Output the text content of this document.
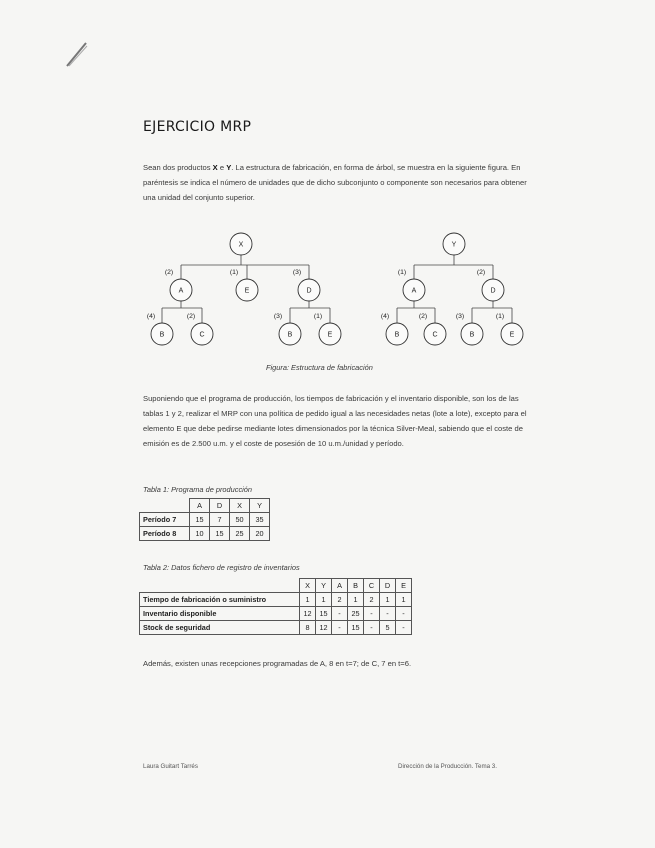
EJERCICIO MRP
Sean dos productos X e Y. La estructura de fabricación, en forma de árbol, se muestra en la siguiente figura. En paréntesis se indica el número de unidades que de dicho subconjunto o componente son necesarios para obtener una unidad del conjunto superior.
X
A	E	D
B	C	B	E
Y
A	D
B	C	B	E
(2)	(1)	(3)
(4)	(2)	(3)	(1)
(1)	(2)
(4)	(2)	(3)	(1)
Figura: Estructura de fabricación
Suponiendo que el programa de producción, los tiempos de fabricación y el inventario disponible, son los de las tablas 1 y 2, realizar el MRP con una política de pedido igual a las necesidades netas (lote a lote), excepto para el elemento E que debe pedirse mediante lotes dimensionados por la técnica Silver-Meal, sabiendo que el coste de emisión es de 2.500 u.m. y el coste de posesión de 10 u.m./unidad y período.
Tabla 1: Programa de producción
	A	D	X	Y
Período 7	15	7	50	35
Período 8	10	15	25	20
Tabla 2: Datos fichero de registro de inventarios
	X	Y	A	B	C	D	E
Tiempo de fabricación o suministro	1	1	2	1	2	1	1
Inventario disponible	12	15	-	25	-	-	-
Stock de seguridad	8	12	-	15	-	5	-
Además, existen unas recepciones programadas de A, 8 en t=7; de C, 7 en t=6.
Laura Guitart Tarrés	Dirección de la Producción. Tema 3.
